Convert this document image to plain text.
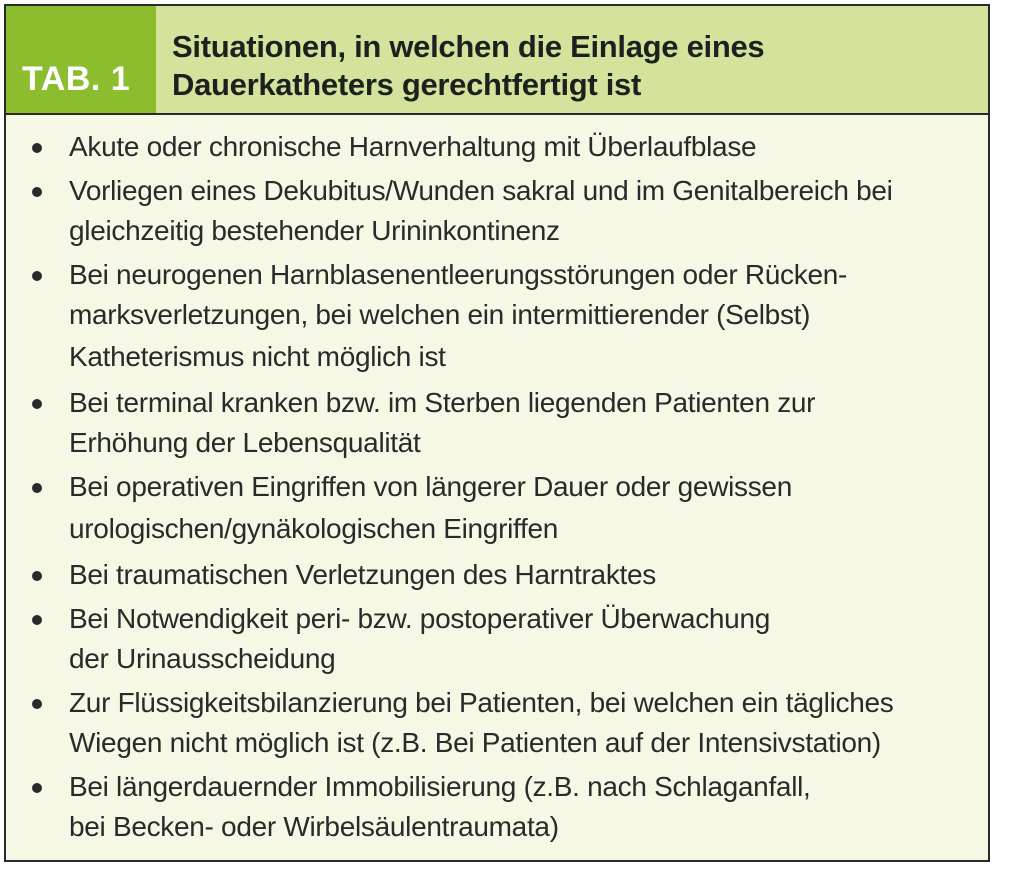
TAB. 1
Situationen, in welchen die Einlage eines
Dauerkatheters gerechtfertigt ist
Akute oder chronische Harnverhaltung mit Überlaufblase
Vorliegen eines Dekubitus/Wunden sakral und im Genitalbereich bei
gleichzeitig bestehender Urininkontinenz
Bei neurogenen Harnblasenentleerungsstörungen oder Rücken-
marksverletzungen, bei welchen ein intermittierender (Selbst)
Katheterismus nicht möglich ist
Bei terminal kranken bzw. im Sterben liegenden Patienten zur
Erhöhung der Lebensqualität
Bei operativen Eingriffen von längerer Dauer oder gewissen
urologischen/gynäkologischen Eingriffen
Bei traumatischen Verletzungen des Harntraktes
Bei Notwendigkeit peri- bzw. postoperativer Überwachung
der Urinausscheidung
Zur Flüssigkeitsbilanzierung bei Patienten, bei welchen ein tägliches
Wiegen nicht möglich ist (z.B. Bei Patienten auf der Intensivstation)
Bei längerdauernder Immobilisierung (z.B. nach Schlaganfall,
bei Becken- oder Wirbelsäulentraumata)
